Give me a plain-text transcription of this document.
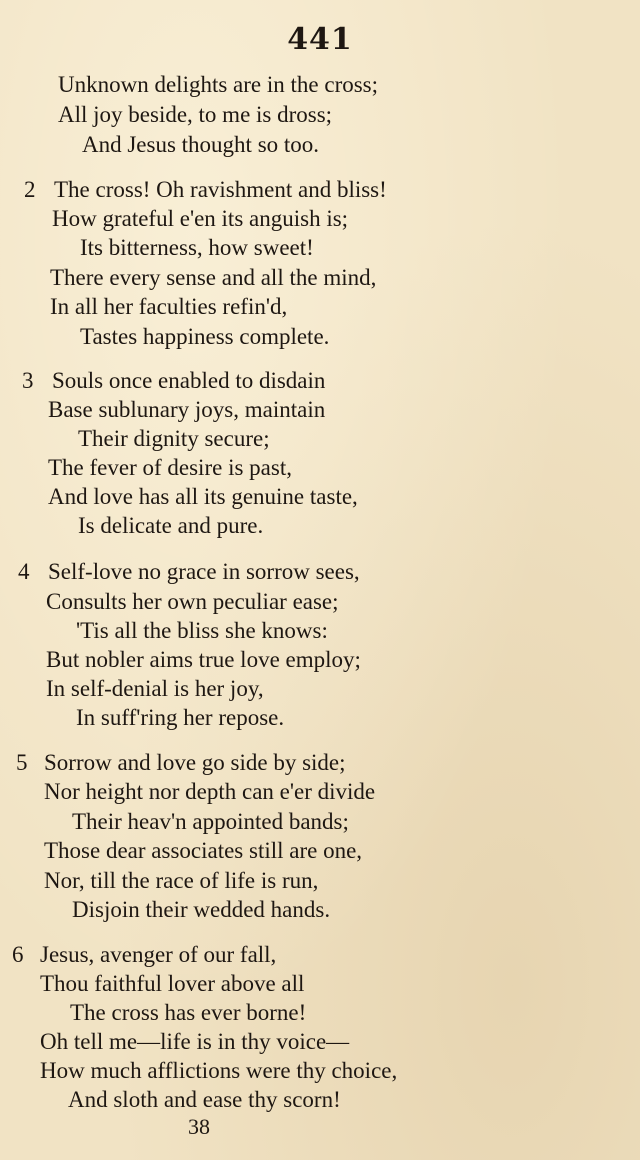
441
Unknown delights are in the cross;
All joy beside, to me is dross;
And Jesus thought so too.
2 The cross! Oh ravishment and bliss!
How grateful e'en its anguish is;
Its bitterness, how sweet!
There every sense and all the mind,
In all her faculties refin'd,
Tastes happiness complete.
3 Souls once enabled to disdain
Base sublunary joys, maintain
Their dignity secure;
The fever of desire is past,
And love has all its genuine taste,
Is delicate and pure.
4 Self-love no grace in sorrow sees,
Consults her own peculiar ease;
'Tis all the bliss she knows:
But nobler aims true love employ;
In self-denial is her joy,
In suff'ring her repose.
5 Sorrow and love go side by side;
Nor height nor depth can e'er divide
Their heav'n appointed bands;
Those dear associates still are one,
Nor, till the race of life is run,
Disjoin their wedded hands.
6 Jesus, avenger of our fall,
Thou faithful lover above all
The cross has ever borne!
Oh tell me—life is in thy voice—
How much afflictions were thy choice,
And sloth and ease thy scorn!
38
